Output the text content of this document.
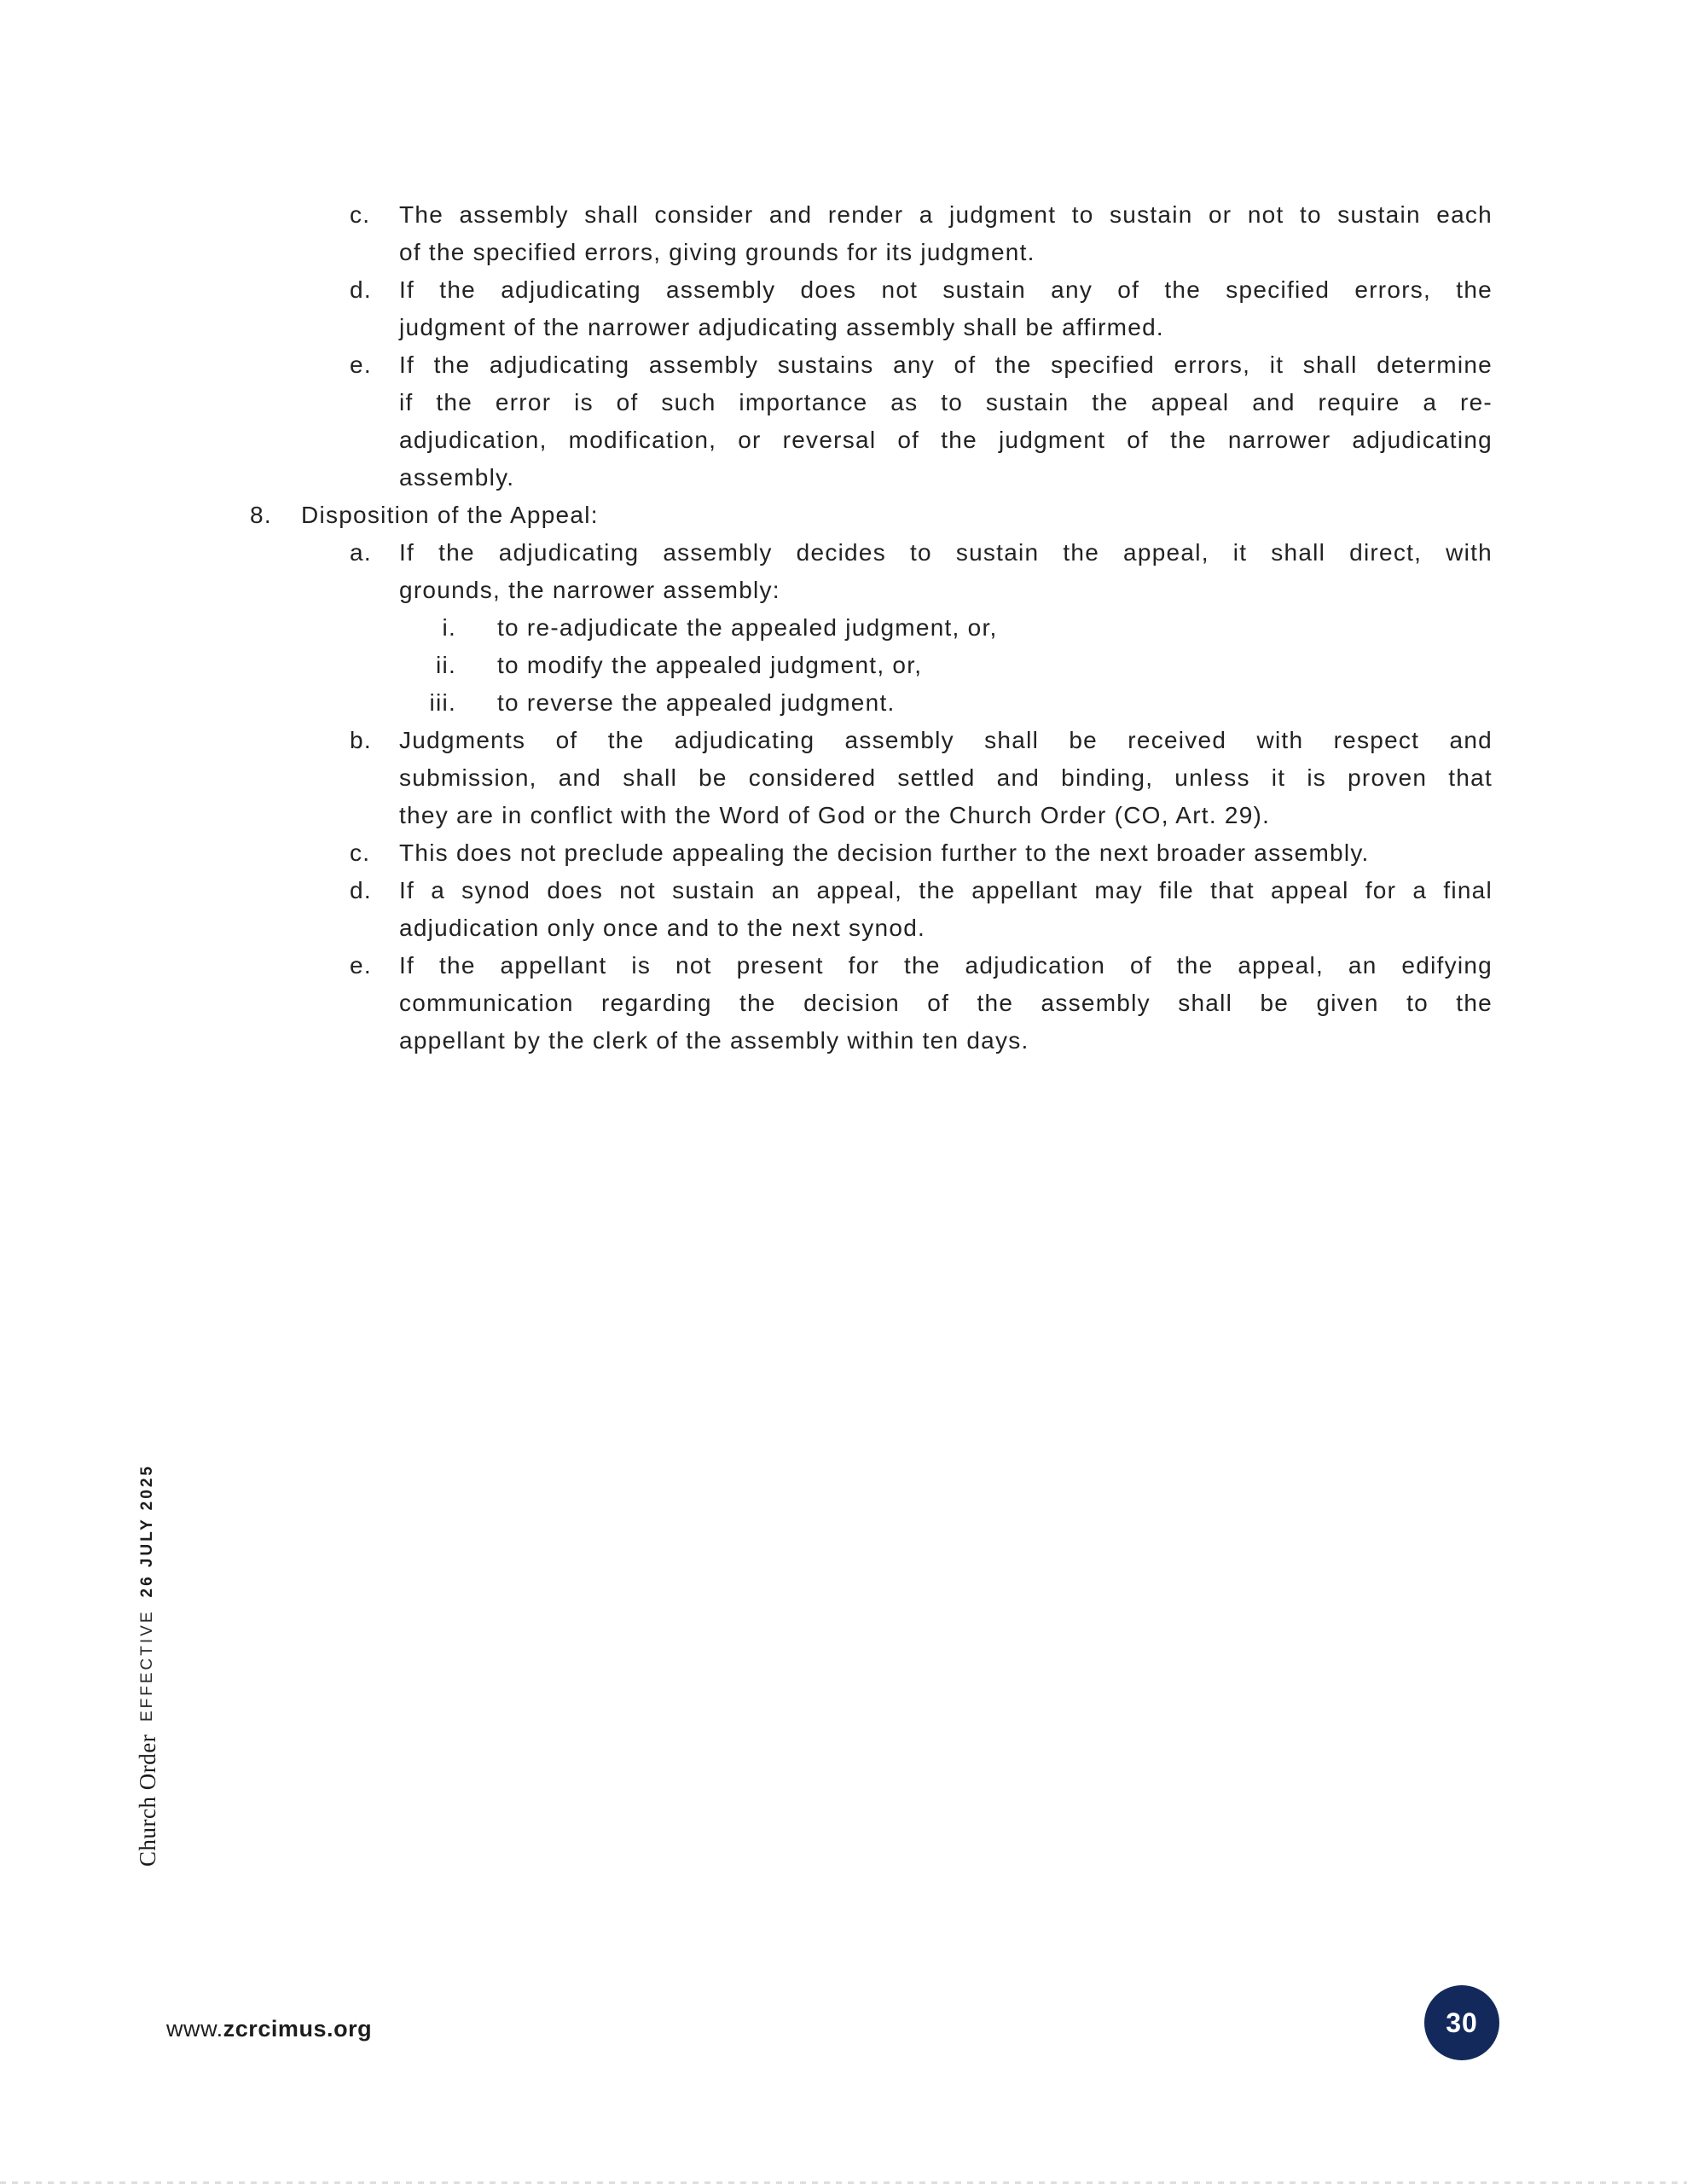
c. The assembly shall consider and render a judgment to sustain or not to sustain each
of the specified errors, giving grounds for its judgment.
d. If the adjudicating assembly does not sustain any of the specified errors, the
judgment of the narrower adjudicating assembly shall be affirmed.
e. If the adjudicating assembly sustains any of the specified errors, it shall determine
if the error is of such importance as to sustain the appeal and require a re-
adjudication, modification, or reversal of the judgment of the narrower adjudicating
assembly.
8. Disposition of the Appeal:
a. If the adjudicating assembly decides to sustain the appeal, it shall direct, with
grounds, the narrower assembly:
i. to re-adjudicate the appealed judgment, or,
ii. to modify the appealed judgment, or,
iii. to reverse the appealed judgment.
b. Judgments of the adjudicating assembly shall be received with respect and
submission, and shall be considered settled and binding, unless it is proven that
they are in conflict with the Word of God or the Church Order (CO, Art. 29).
c. This does not preclude appealing the decision further to the next broader assembly.
d. If a synod does not sustain an appeal, the appellant may file that appeal for a final
adjudication only once and to the next synod.
e. If the appellant is not present for the adjudication of the appeal, an edifying
communication regarding the decision of the assembly shall be given to the
appellant by the clerk of the assembly within ten days.
EFFECTIVE26 JULY 2025
Church Order
www.zcrcimus.org	30
